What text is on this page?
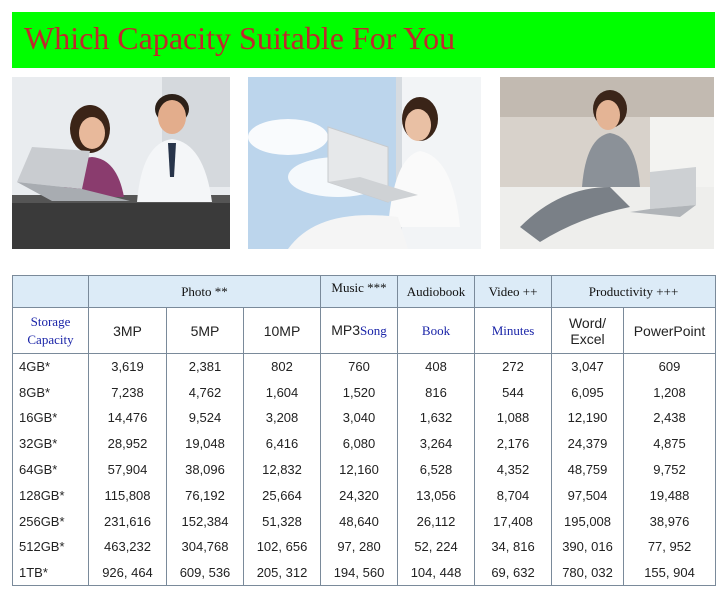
Which Capacity Suitable For You
	Photo **			Music ***	Audiobook	Video ++	Productivity +++	
Storage
Capacity	3MP	5MP	10MP	MP3Song	Book	Minutes	Word/
Excel	PowerPoint
4GB*	3,619	2,381	802	760	408	272	3,047	609
8GB*	7,238	4,762	1,604	1,520	816	544	6,095	1,208
16GB*	14,476	9,524	3,208	3,040	1,632	1,088	12,190	2,438
32GB*	28,952	19,048	6,416	6,080	3,264	2,176	24,379	4,875
64GB*	57,904	38,096	12,832	12,160	6,528	4,352	48,759	9,752
128GB*	115,808	76,192	25,664	24,320	13,056	8,704	97,504	19,488
256GB*	231,616	152,384	51,328	48,640	26,112	17,408	195,008	38,976
512GB*	463,232	304,768	102, 656	97, 280	52, 224	34, 816	390, 016	77, 952
1TB*	926, 464	609, 536	205, 312	194, 560	104, 448	69, 632	780, 032	155, 904
